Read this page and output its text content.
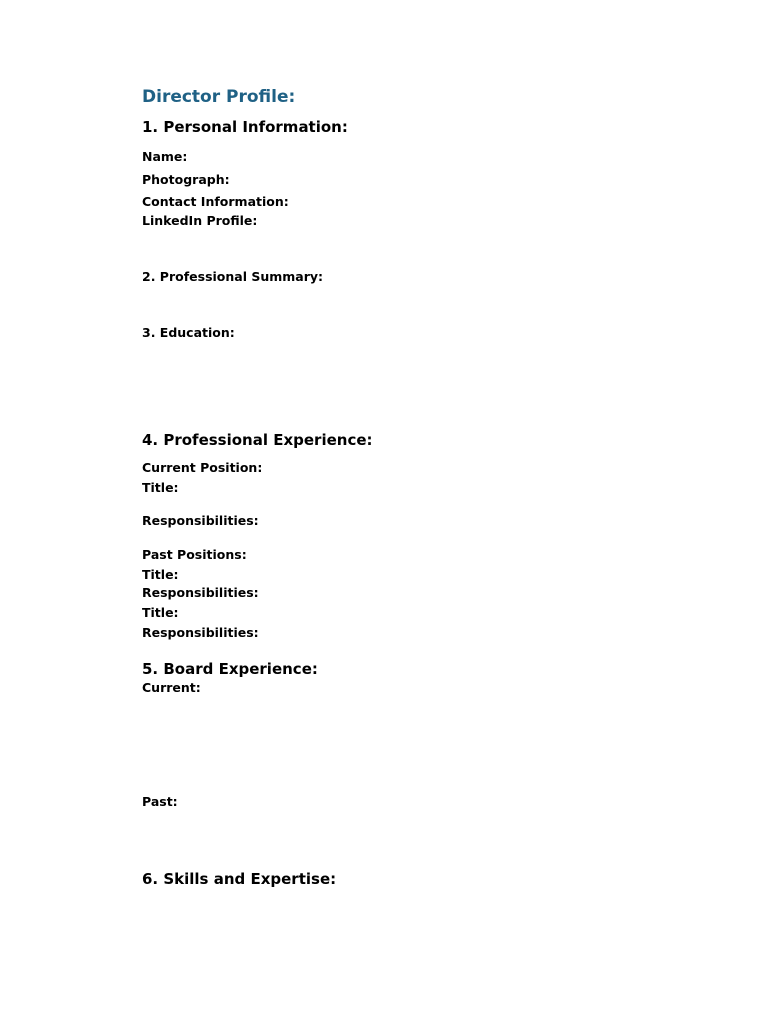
Director Profile:
1. Personal Information:
Name:
Photograph:
Contact Information:
LinkedIn Profile:
2. Professional Summary:
3. Education:
4. Professional Experience:
Current Position:
Title:
Responsibilities:
Past Positions:
Title:
Responsibilities:
Title:
Responsibilities:
5. Board Experience:
Current:
Past:
6. Skills and Expertise:
